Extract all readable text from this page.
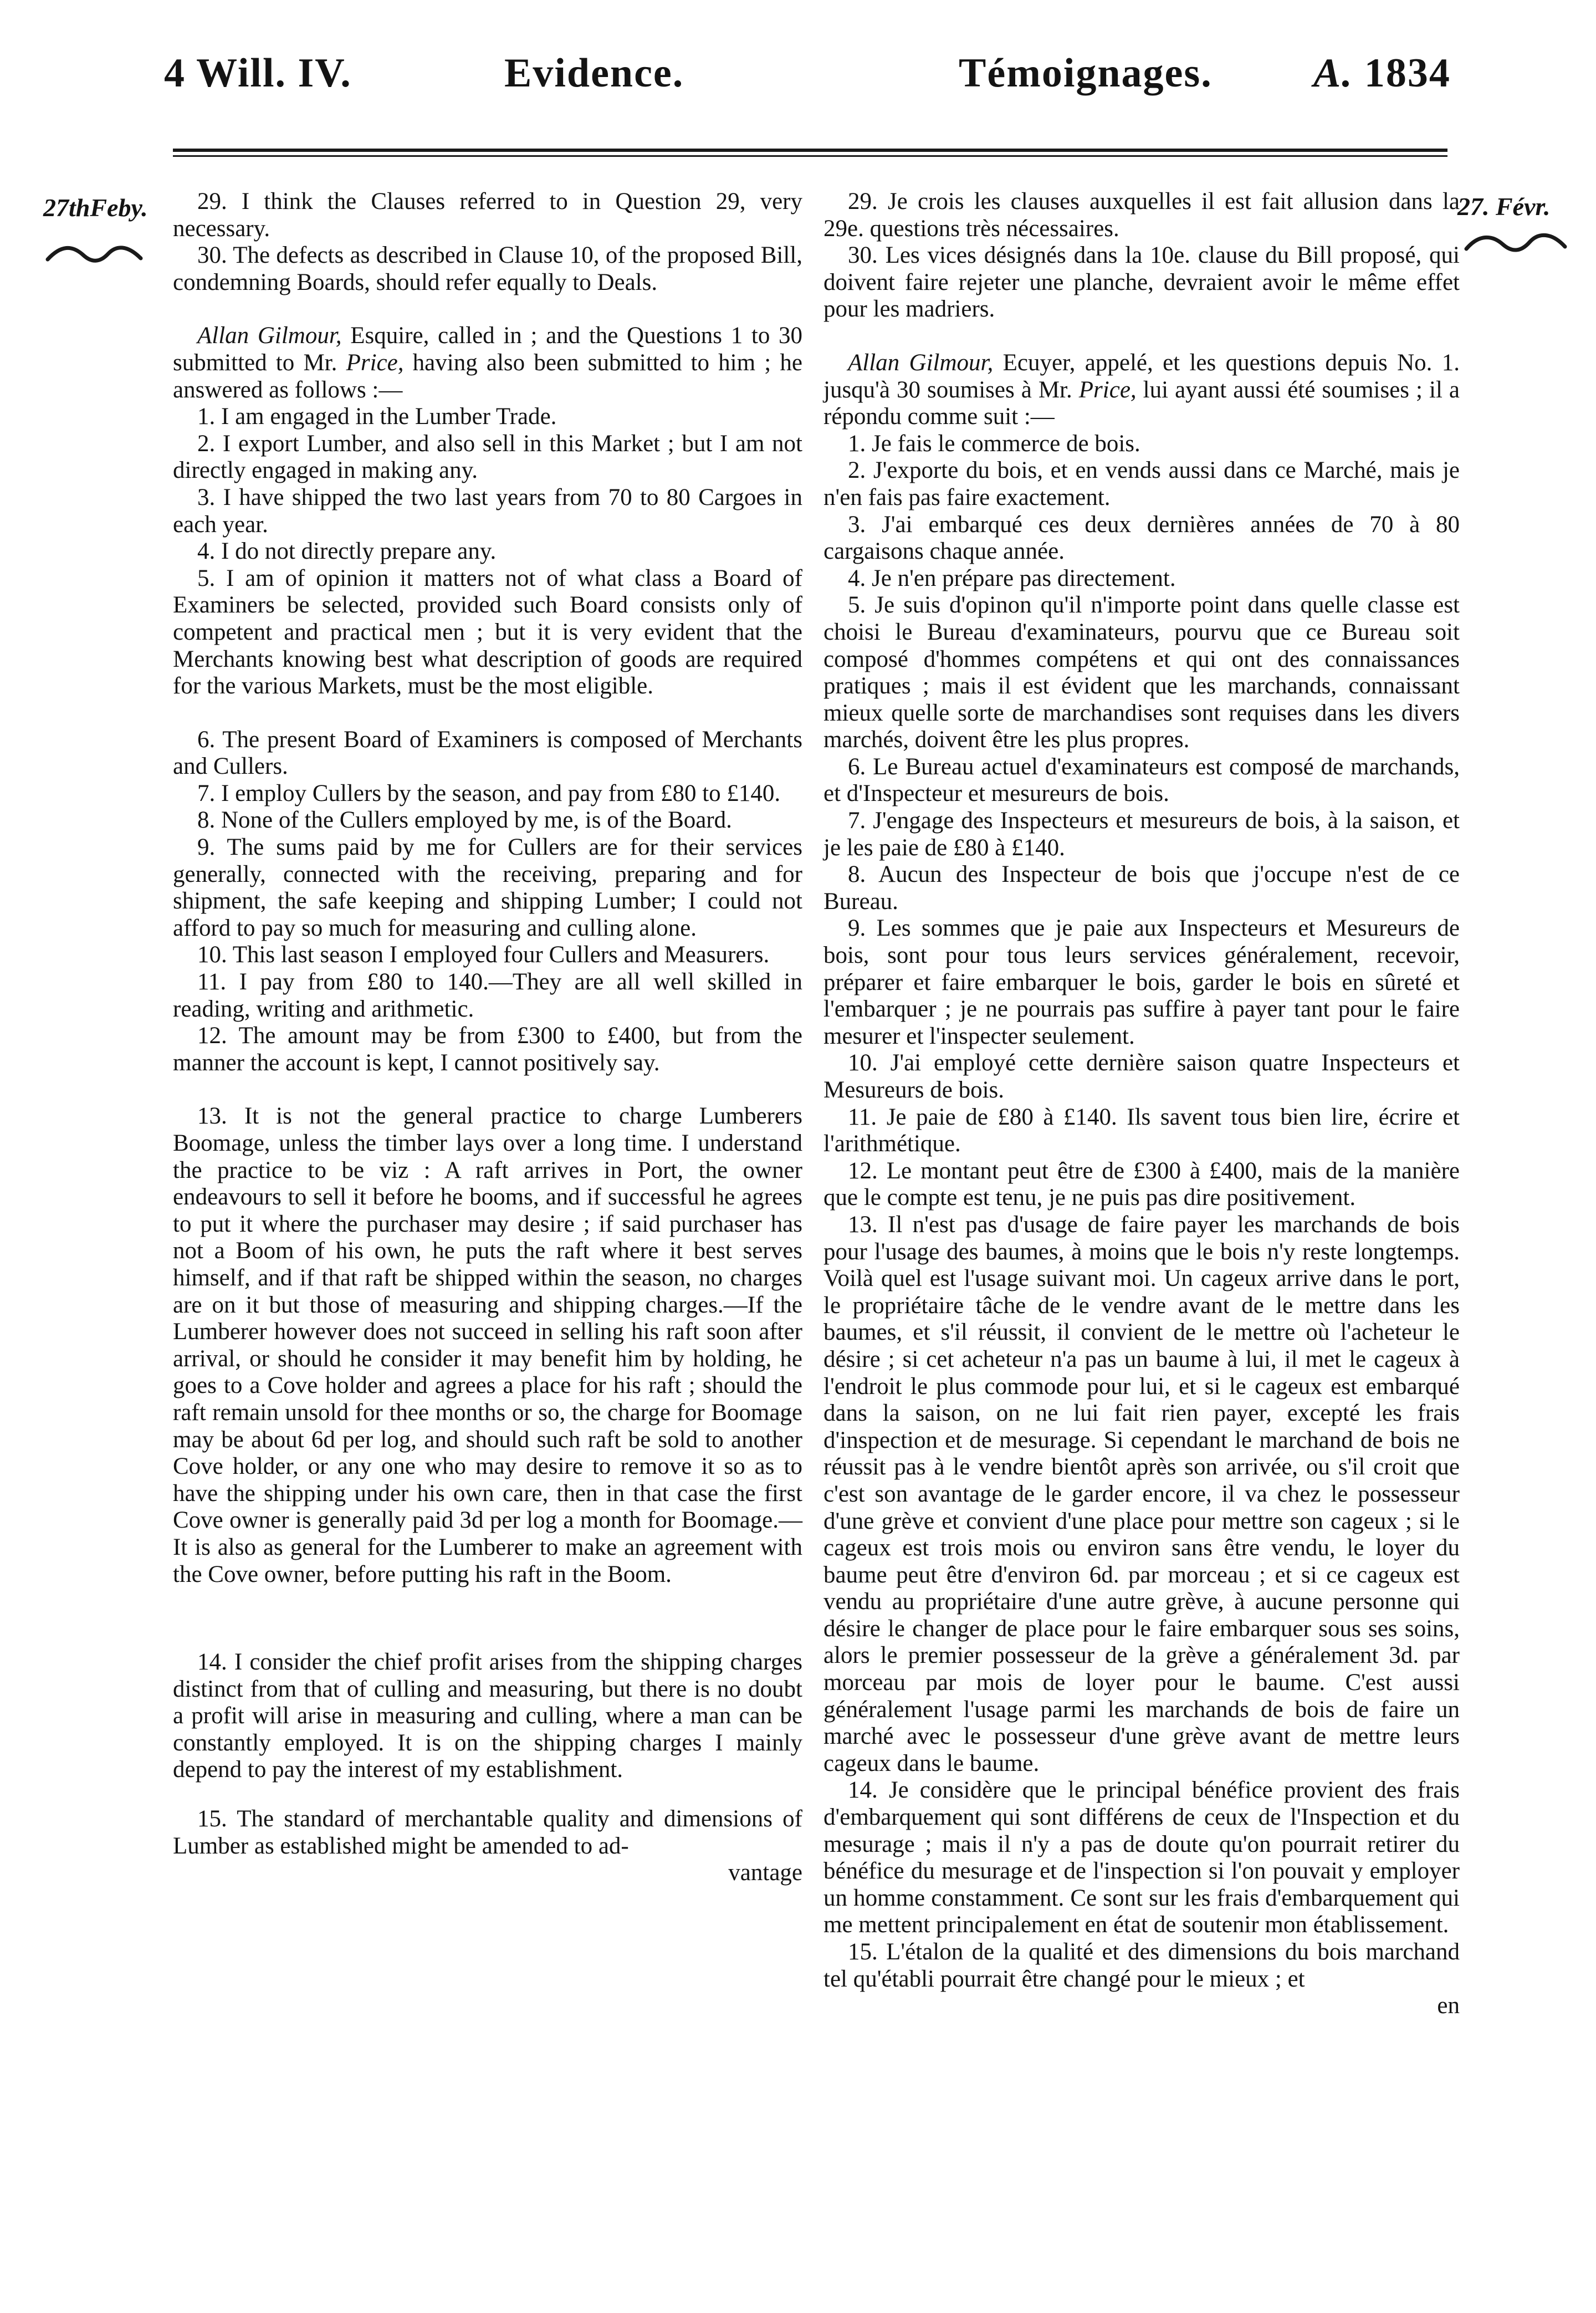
4 Will. IV.	Evidence.	Témoignages. A. 1834
27thFeby.	27. Févr.

29. I think the Clauses referred to in Question 29, very necessary.

30. The defects as described in Clause 10, of the proposed Bill, condemning Boards, should refer equally to Deals.

Allan Gilmour, Esquire, called in ; and the Questions 1 to 30 submitted to Mr. Price, having also been submitted to him ; he answered as follows :—

1. I am engaged in the Lumber Trade.

2. I export Lumber, and also sell in this Market ; but I am not directly engaged in making any.

3. I have shipped the two last years from 70 to 80 Cargoes in each year.

4. I do not directly prepare any.

5. I am of opinion it matters not of what class a Board of Examiners be selected, provided such Board consists only of competent and practical men ; but it is very evident that the Merchants knowing best what description of goods are required for the various Markets, must be the most eligible.

6. The present Board of Examiners is composed of Merchants and Cullers.

7. I employ Cullers by the season, and pay from £80 to £140.

8. None of the Cullers employed by me, is of the Board.

9. The sums paid by me for Cullers are for their services generally, connected with the receiving, preparing and for shipment, the safe keeping and shipping Lumber; I could not afford to pay so much for measuring and culling alone.

10. This last season I employed four Cullers and Measurers.

11. I pay from £80 to 140.—They are all well skilled in reading, writing and arithmetic.

12. The amount may be from £300 to £400, but from the manner the account is kept, I cannot positively say.

13. It is not the general practice to charge Lumberers Boomage, unless the timber lays over a long time. I understand the practice to be viz : A raft arrives in Port, the owner endeavours to sell it before he booms, and if successful he agrees to put it where the purchaser may desire ; if said purchaser has not a Boom of his own, he puts the raft where it best serves himself, and if that raft be shipped within the season, no charges are on it but those of measuring and shipping charges.—If the Lumberer however does not succeed in selling his raft soon after arrival, or should he consider it may benefit him by holding, he goes to a Cove holder and agrees a place for his raft ; should the raft remain unsold for thee months or so, the charge for Boomage may be about 6d per log, and should such raft be sold to another Cove holder, or any one who may desire to remove it so as to have the shipping under his own care, then in that case the first Cove owner is generally paid 3d per log a month for Boomage.—It is also as general for the Lumberer to make an agreement with the Cove owner, before putting his raft in the Boom.

14. I consider the chief profit arises from the shipping charges distinct from that of culling and measuring, but there is no doubt a profit will arise in measuring and culling, where a man can be constantly employed. It is on the shipping charges I mainly depend to pay the interest of my establishment.

15. The standard of merchantable quality and dimensions of Lumber as established might be amended to ad-

vantage

29. Je crois les clauses auxquelles il est fait allusion dans la 29e. questions très nécessaires.

30. Les vices désignés dans la 10e. clause du Bill proposé, qui doivent faire rejeter une planche, devraient avoir le même effet pour les madriers.

Allan Gilmour, Ecuyer, appelé, et les questions depuis No. 1. jusqu'à 30 soumises à Mr. Price, lui ayant aussi été soumises ; il a répondu comme suit :—

1. Je fais le commerce de bois.

2. J'exporte du bois, et en vends aussi dans ce Marché, mais je n'en fais pas faire exactement.

3. J'ai embarqué ces deux dernières années de 70 à 80 cargaisons chaque année.

4. Je n'en prépare pas directement.

5. Je suis d'opinon qu'il n'importe point dans quelle classe est choisi le Bureau d'examinateurs, pourvu que ce Bureau soit composé d'hommes compétens et qui ont des connaissances pratiques ; mais il est évident que les marchands, connaissant mieux quelle sorte de marchandises sont requises dans les divers marchés, doivent être les plus propres.

6. Le Bureau actuel d'examinateurs est composé de marchands, et d'Inspecteur et mesureurs de bois.

7. J'engage des Inspecteurs et mesureurs de bois, à la saison, et je les paie de £80 à £140.

8. Aucun des Inspecteur de bois que j'occupe n'est de ce Bureau.

9. Les sommes que je paie aux Inspecteurs et Mesureurs de bois, sont pour tous leurs services généralement, recevoir, préparer et faire embarquer le bois, garder le bois en sûreté et l'embarquer ; je ne pourrais pas suffire à payer tant pour le faire mesurer et l'inspecter seulement.

10. J'ai employé cette dernière saison quatre Inspecteurs et Mesureurs de bois.

11. Je paie de £80 à £140. Ils savent tous bien lire, écrire et l'arithmétique.

12. Le montant peut être de £300 à £400, mais de la manière que le compte est tenu, je ne puis pas dire positivement.

13. Il n'est pas d'usage de faire payer les marchands de bois pour l'usage des baumes, à moins que le bois n'y reste longtemps. Voilà quel est l'usage suivant moi. Un cageux arrive dans le port, le propriétaire tâche de le vendre avant de le mettre dans les baumes, et s'il réussit, il convient de le mettre où l'acheteur le désire ; si cet acheteur n'a pas un baume à lui, il met le cageux à l'endroit le plus commode pour lui, et si le cageux est embarqué dans la saison, on ne lui fait rien payer, excepté les frais d'inspection et de mesurage. Si cependant le marchand de bois ne réussit pas à le vendre bientôt après son arrivée, ou s'il croit que c'est son avantage de le garder encore, il va chez le possesseur d'une grève et convient d'une place pour mettre son cageux ; si le cageux est trois mois ou environ sans être vendu, le loyer du baume peut être d'environ 6d. par morceau ; et si ce cageux est vendu au propriétaire d'une autre grève, à aucune personne qui désire le changer de place pour le faire embarquer sous ses soins, alors le premier possesseur de la grève a généralement 3d. par morceau par mois de loyer pour le baume. C'est aussi généralement l'usage parmi les marchands de bois de faire un marché avec le possesseur d'une grève avant de mettre leurs cageux dans le baume.

14. Je considère que le principal bénéfice provient des frais d'embarquement qui sont différens de ceux de l'Inspection et du mesurage ; mais il n'y a pas de doute qu'on pourrait retirer du bénéfice du mesurage et de l'inspection si l'on pouvait y employer un homme constamment. Ce sont sur les frais d'embarquement qui me mettent principalement en état de soutenir mon établissement.

15. L'étalon de la qualité et des dimensions du bois marchand tel qu'établi pourrait être changé pour le mieux ; et

en
